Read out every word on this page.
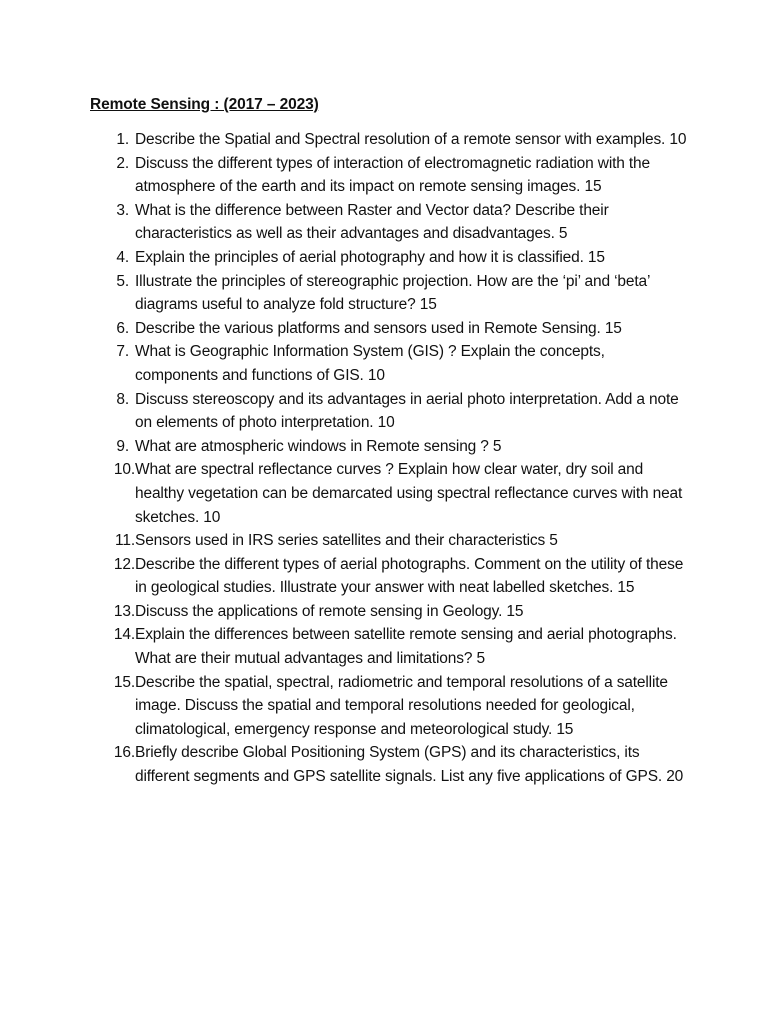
Remote Sensing : (2017 – 2023)
1. Describe the Spatial and Spectral resolution of a remote sensor with examples. 10
2. Discuss the different types of interaction of electromagnetic radiation with the atmosphere of the earth and its impact on remote sensing images. 15
3. What is the difference between Raster and Vector data? Describe their characteristics as well as their advantages and disadvantages. 5
4. Explain the principles of aerial photography and how it is classified. 15
5. Illustrate the principles of stereographic projection. How are the ‘pi’ and ‘beta’ diagrams useful to analyze fold structure? 15
6. Describe the various platforms and sensors used in Remote Sensing. 15
7. What is Geographic Information System (GIS) ? Explain the concepts, components and functions of GIS. 10
8. Discuss stereoscopy and its advantages in aerial photo interpretation. Add a note on elements of photo interpretation. 10
9. What are atmospheric windows in Remote sensing ? 5
10. What are spectral reflectance curves ? Explain how clear water, dry soil and healthy vegetation can be demarcated using spectral reflectance curves with neat sketches. 10
11. Sensors used in IRS series satellites and their characteristics 5
12. Describe the different types of aerial photographs. Comment on the utility of these in geological studies. Illustrate your answer with neat labelled sketches. 15
13. Discuss the applications of remote sensing in Geology. 15
14. Explain the differences between satellite remote sensing and aerial photographs. What are their mutual advantages and limitations? 5
15. Describe the spatial, spectral, radiometric and temporal resolutions of a satellite image. Discuss the spatial and temporal resolutions needed for geological, climatological, emergency response and meteorological study. 15
16. Briefly describe Global Positioning System (GPS) and its characteristics, its different segments and GPS satellite signals. List any five applications of GPS. 20
